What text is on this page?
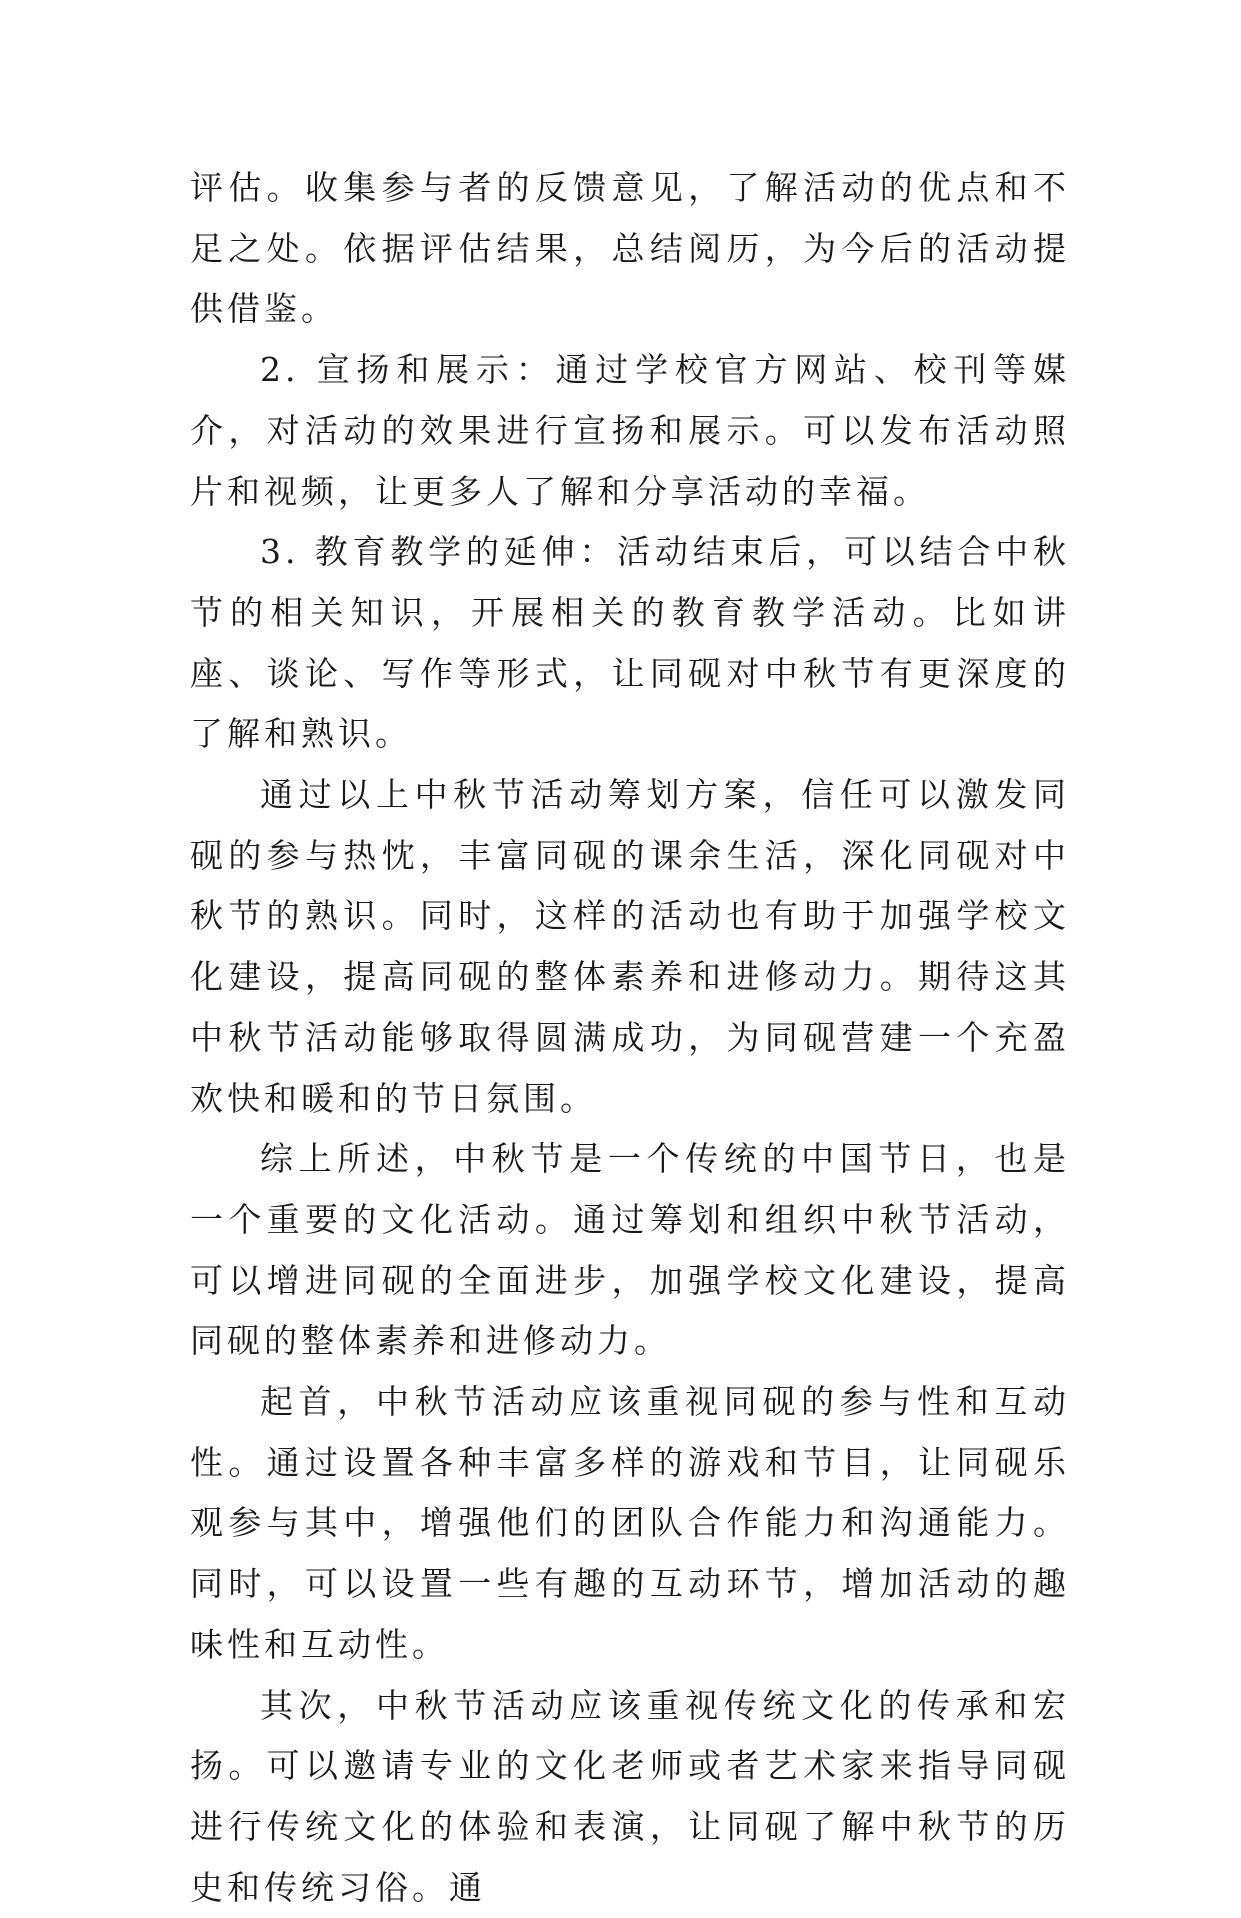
评估。收集参与者的反馈意见，了解活动的优点和不足之处。依据评估结果，总结阅历，为今后的活动提供借鉴。

2. 宣扬和展示：通过学校官方网站、校刊等媒介，对活动的效果进行宣扬和展示。可以发布活动照片和视频，让更多人了解和分享活动的幸福。

3. 教育教学的延伸：活动结束后，可以结合中秋节的相关知识，开展相关的教育教学活动。比如讲座、谈论、写作等形式，让同砚对中秋节有更深度的了解和熟识。

通过以上中秋节活动筹划方案，信任可以激发同砚的参与热忱，丰富同砚的课余生活，深化同砚对中秋节的熟识。同时，这样的活动也有助于加强学校文化建设，提高同砚的整体素养和进修动力。期待这其中秋节活动能够取得圆满成功，为同砚营建一个充盈欢快和暖和的节日氛围。

综上所述，中秋节是一个传统的中国节日，也是一个重要的文化活动。通过筹划和组织中秋节活动，可以增进同砚的全面进步，加强学校文化建设，提高同砚的整体素养和进修动力。

起首，中秋节活动应该重视同砚的参与性和互动性。通过设置各种丰富多样的游戏和节目，让同砚乐观参与其中，增强他们的团队合作能力和沟通能力。同时，可以设置一些有趣的互动环节，增加活动的趣味性和互动性。

其次，中秋节活动应该重视传统文化的传承和宏扬。可以邀请专业的文化老师或者艺术家来指导同砚进行传统文化的体验和表演，让同砚了解中秋节的历史和传统习俗。通
